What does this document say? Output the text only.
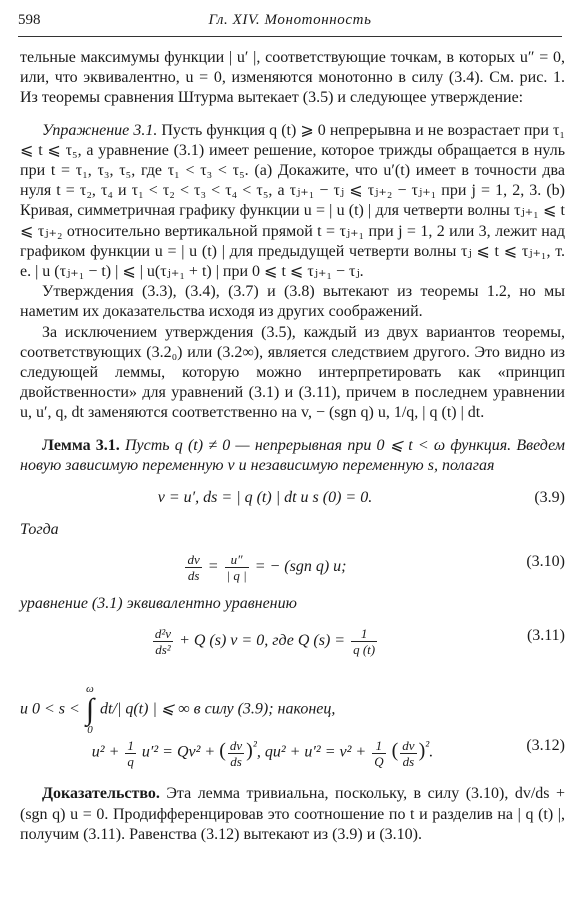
598	Гл. XIV. Монотонность

тельные максимумы функции | u′ |, соответствующие точкам, в которых u″ = 0, или, что эквивалентно, u = 0, изменяются монотонно в силу (3.4). См. рис. 1. Из теоремы сравнения Штурма вытекает (3.5) и следующее утверждение:

Упражнение 3.1. Пусть функция q (t) ⩾ 0 непрерывна и не возрастает при τ₁ ⩽ t ⩽ τ₅, а уравнение (3.1) имеет решение, которое трижды обращается в нуль при t = τ₁, τ₃, τ₅, где τ₁ < τ₃ < τ₅. (a) Докажите, что u′(t) имеет в точности два нуля t = τ₂, τ₄ и τ₁ < τ₂ < τ₃ < τ₄ < τ₅, а τⱼ₊₁ − τⱼ ⩽ τⱼ₊₂ − τⱼ₊₁ при j = 1, 2, 3. (b) Кривая, симметричная графику функции u = | u (t) | для четверти волны τⱼ₊₁ ⩽ t ⩽ τⱼ₊₂ относительно вертикальной прямой t = τⱼ₊₁ при j = 1, 2 или 3, лежит над графиком функции u = | u (t) | для предыдущей четверти волны τⱼ ⩽ t ⩽ τⱼ₊₁, т. е. | u (τⱼ₊₁ − t) | ⩽ | u(τⱼ₊₁ + t) | при 0 ⩽ t ⩽ τⱼ₊₁ − τⱼ.

Утверждения (3.3), (3.4), (3.7) и (3.8) вытекают из теоремы 1.2, но мы наметим их доказательства исходя из других соображений.

За исключением утверждения (3.5), каждый из двух вариантов теоремы, соответствующих (3.2₀) или (3.2∞), является следствием другого. Это видно из следующей леммы, которую можно интерпретировать как «принцип двойственности» для уравнений (3.1) и (3.11), причем в последнем уравнении u, u′, q, dt заменяются соответственно на v, − (sgn q) u, 1/q, | q (t) | dt.

Лемма 3.1. Пусть q (t) ≠ 0 — непрерывная при 0 ⩽ t < ω функция. Введем новую зависимую переменную v и независимую переменную s, полагая

v = u′, ds = | q (t) | dt и s (0) = 0.	(3.9)

Тогда

$\frac{dv}{ds} = \frac{u''}{| q |}$ = − (sgn q) u;	(3.10)

уравнение (3.1) эквивалентно уравнению

$\frac{\text{d²v}}{\text{ds²}} + Q$ (s) v = 0, где Q $(s) = \frac{1}{q (t)}$	(3.11)
и 0 < s < ω
∫
0 dt/| q(t) | ⩽ ∞ в силу (3.9); наконец,
$u^2 + \frac{1}{q} u'^2 = Qv^2$ + ( $\frac{dv}{ds} )^{^2}$, $qu^2 + u'^2 = v^2 + \frac{1}{Q}$ ( $\frac{dv}{ds} )^{^2}$.	(3.12)

Доказательство. Эта лемма тривиальна, поскольку, в силу (3.10), dv/ds + (sgn q) u = 0. Продифференцировав это соотношение по t и разделив на | q (t) |, получим (3.11). Равенства (3.12) вытекают из (3.9) и (3.10).
